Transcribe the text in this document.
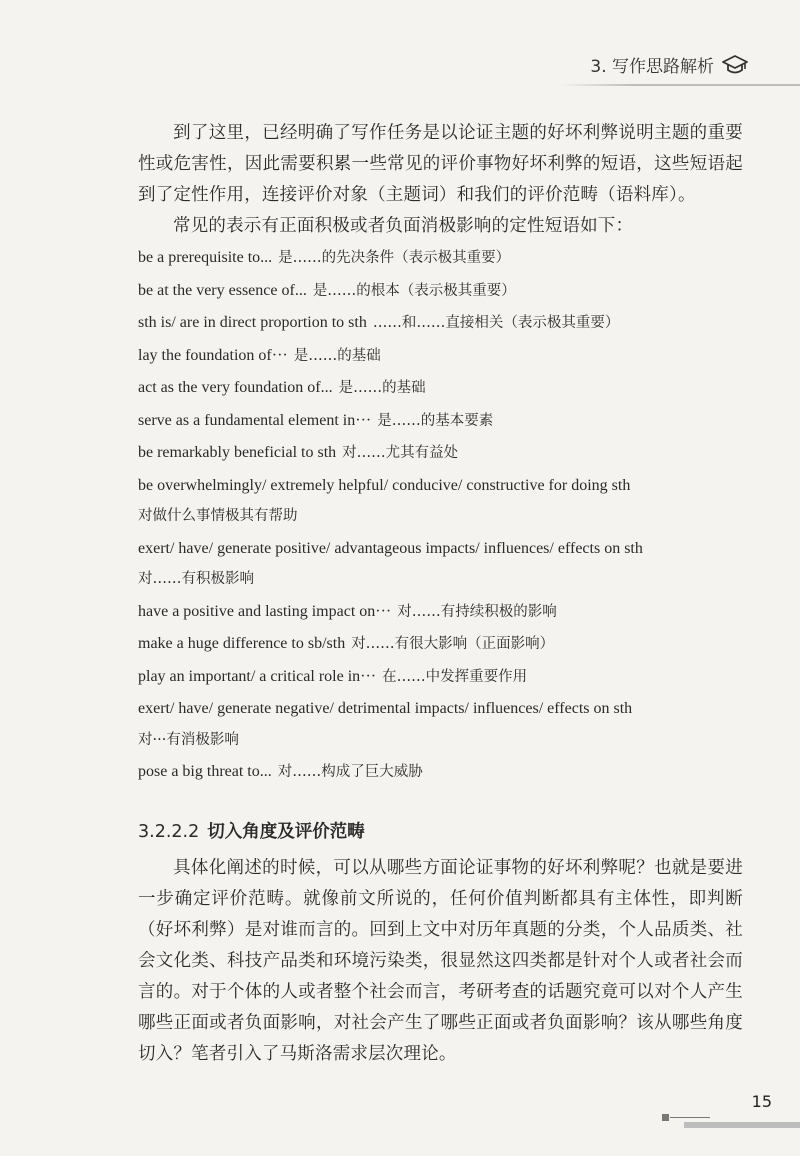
3. 写作思路解析

到了这里，已经明确了写作任务是以论证主题的好坏利弊说明主题的重要性或危害性，因此需要积累一些常见的评价事物好坏利弊的短语，这些短语起到了定性作用，连接评价对象（主题词）和我们的评价范畴（语料库）。

常见的表示有正面积极或者负面消极影响的定性短语如下：

be a prerequisite to... 是……的先决条件（表示极其重要）
be at the very essence of... 是……的根本（表示极其重要）
sth is/ are in direct proportion to sth ……和……直接相关（表示极其重要）
lay the foundation of··· 是……的基础
act as the very foundation of... 是……的基础
serve as a fundamental element in··· 是……的基本要素
be remarkably beneficial to sth 对……尤其有益处
be overwhelmingly/ extremely helpful/ conducive/ constructive for doing sth
对做什么事情极其有帮助
exert/ have/ generate positive/ advantageous impacts/ influences/ effects on sth
对……有积极影响
have a positive and lasting impact on··· 对……有持续积极的影响
make a huge difference to sb/sth 对……有很大影响（正面影响）
play an important/ a critical role in··· 在……中发挥重要作用
exert/ have/ generate negative/ detrimental impacts/ influences/ effects on sth
对···有消极影响
pose a big threat to... 对……构成了巨大威胁
3.2.2.2 切入角度及评价范畴

具体化阐述的时候，可以从哪些方面论证事物的好坏利弊呢？也就是要进一步确定评价范畴。就像前文所说的，任何价值判断都具有主体性，即判断（好坏利弊）是对谁而言的。回到上文中对历年真题的分类，个人品质类、社会文化类、科技产品类和环境污染类，很显然这四类都是针对个人或者社会而言的。对于个体的人或者整个社会而言，考研考查的话题究竟可以对个人产生哪些正面或者负面影响，对社会产生了哪些正面或者负面影响？该从哪些角度切入？笔者引入了马斯洛需求层次理论。

15
